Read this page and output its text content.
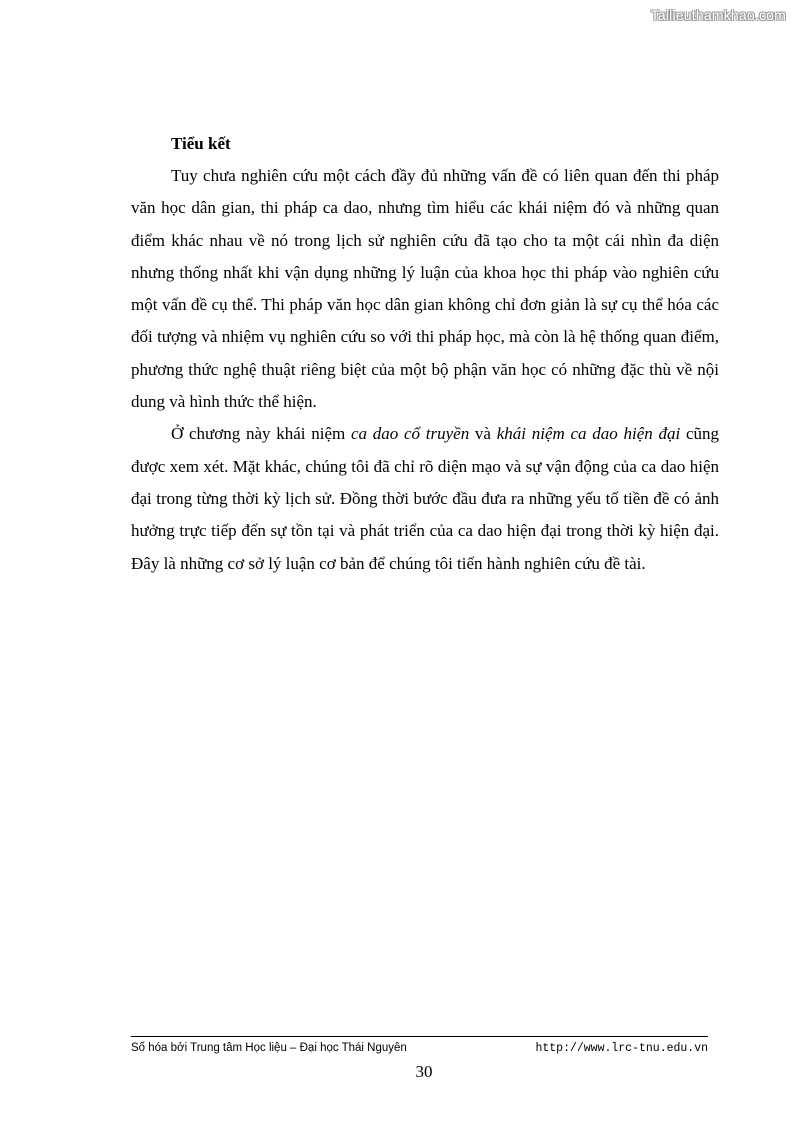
Tailieuthamkhao.com

Tiểu kết

Tuy chưa nghiên cứu một cách đầy đủ những vấn đề có liên quan đến thi pháp văn học dân gian, thi pháp ca dao, nhưng tìm hiểu các khái niệm đó và những quan điểm khác nhau về nó trong lịch sử nghiên cứu đã tạo cho ta một cái nhìn đa diện nhưng thống nhất khi vận dụng những lý luận của khoa học thi pháp vào nghiên cứu một vấn đề cụ thể. Thi pháp văn học dân gian không chỉ đơn giản là sự cụ thể hóa các đối tượng và nhiệm vụ nghiên cứu so với thi pháp học, mà còn là hệ thống quan điểm, phương thức nghệ thuật riêng biệt của một bộ phận văn học có những đặc thù về nội dung và hình thức thể hiện.

Ở chương này khái niệm ca dao cổ truyền và khái niệm ca dao hiện đại cũng được xem xét. Mặt khác, chúng tôi đã chỉ rõ diện mạo và sự vận động của ca dao hiện đại trong từng thời kỳ lịch sử. Đồng thời bước đầu đưa ra những yếu tố tiền đề có ảnh hưởng trực tiếp đến sự tồn tại và phát triển của ca dao hiện đại trong thời kỳ hiện đại. Đây là những cơ sở lý luận cơ bản để chúng tôi tiến hành nghiên cứu đề tài.

Số hóa bởi Trung tâm Học liệu – Đại học Thái Nguyên	http://www.lrc-tnu.edu.vn
30
